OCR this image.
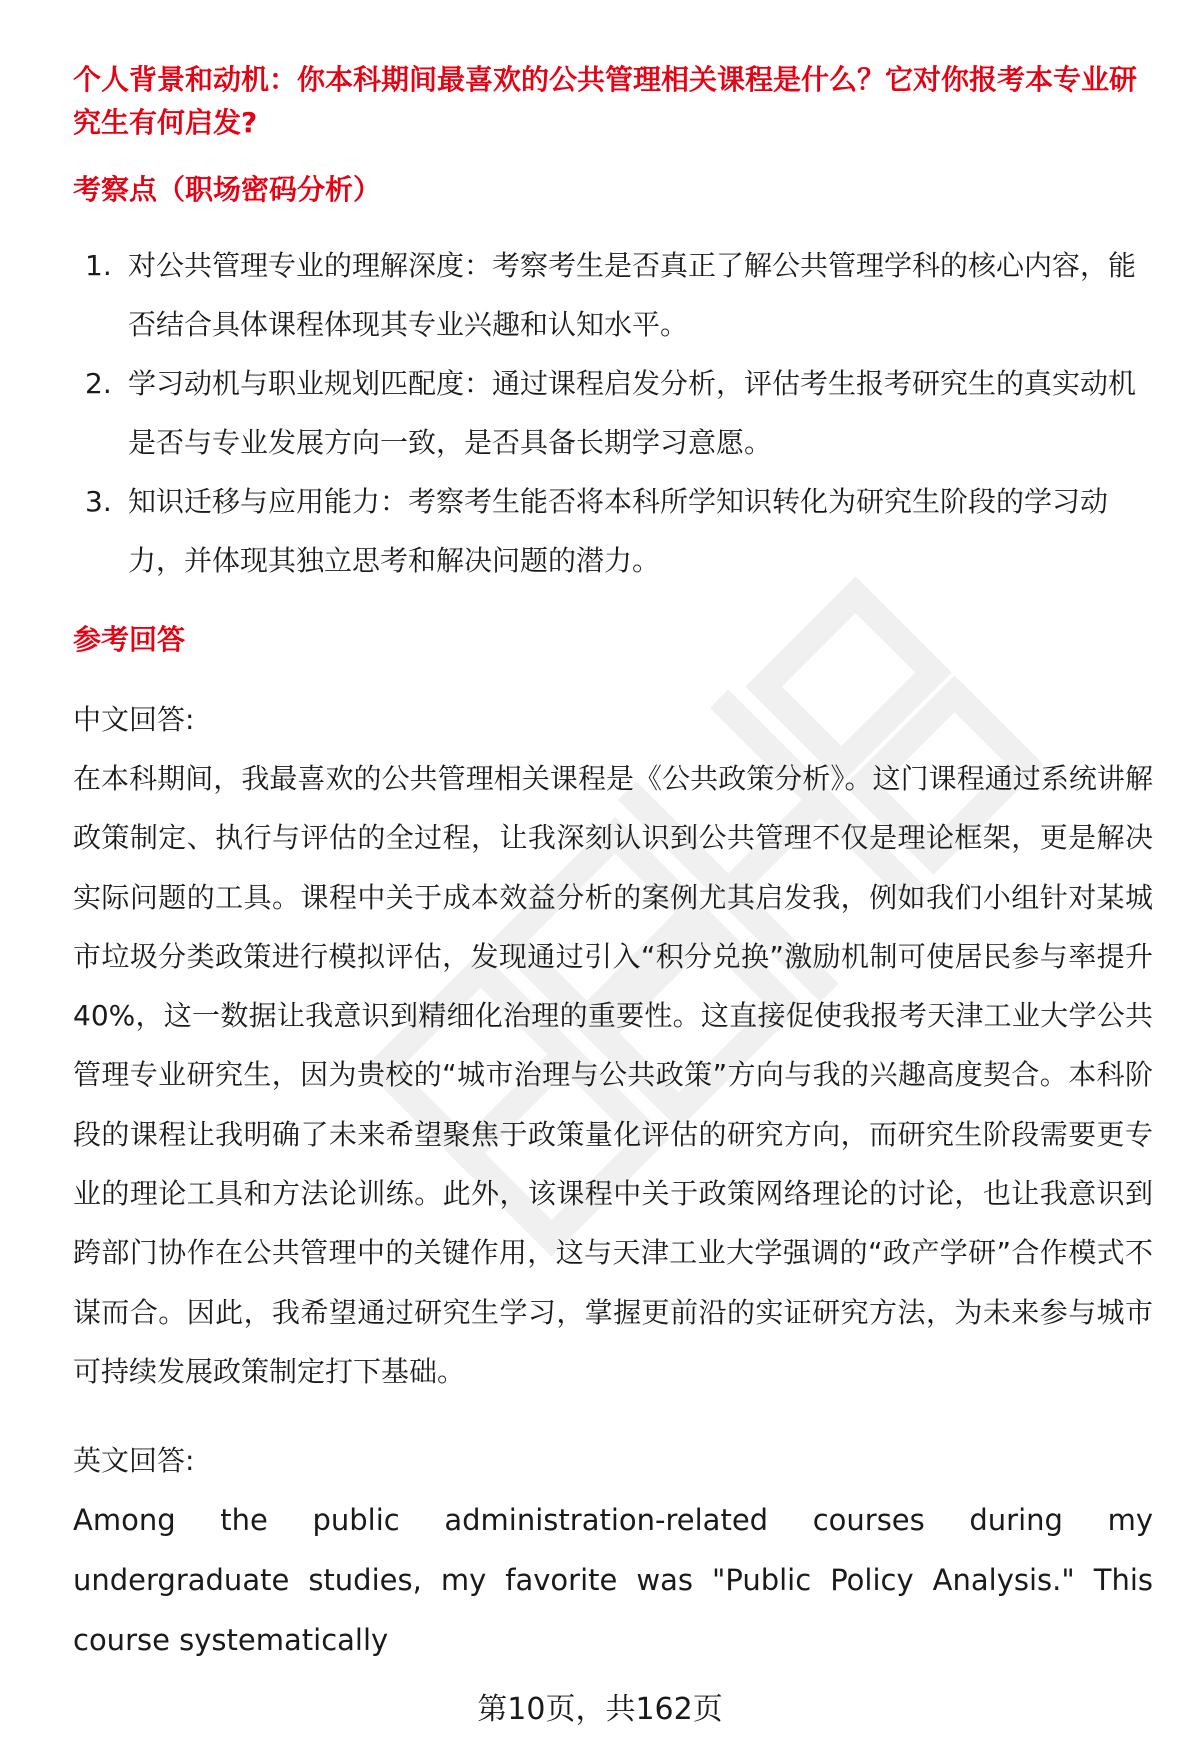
个人背景和动机：你本科期间最喜欢的公共管理相关课程是什么？它对你报考本专业研究生有何启发?

考察点（职场密码分析）

1. 对公共管理专业的理解深度：考察考生是否真正了解公共管理学科的核心内容，能否结合具体课程体现其专业兴趣和认知水平。
2. 学习动机与职业规划匹配度：通过课程启发分析，评估考生报考研究生的真实动机是否与专业发展方向一致，是否具备长期学习意愿。
3. 知识迁移与应用能力：考察考生能否将本科所学知识转化为研究生阶段的学习动力，并体现其独立思考和解决问题的潜力。

参考回答

中文回答:

在本科期间，我最喜欢的公共管理相关课程是《公共政策分析》。这门课程通过系统讲解政策制定、执行与评估的全过程，让我深刻认识到公共管理不仅是理论框架，更是解决实际问题的工具。课程中关于成本效益分析的案例尤其启发我，例如我们小组针对某城市垃圾分类政策进行模拟评估，发现通过引入“积分兑换”激励机制可使居民参与率提升40%，这一数据让我意识到精细化治理的重要性。这直接促使我报考天津工业大学公共管理专业研究生，因为贵校的“城市治理与公共政策”方向与我的兴趣高度契合。本科阶段的课程让我明确了未来希望聚焦于政策量化评估的研究方向，而研究生阶段需要更专业的理论工具和方法论训练。此外，该课程中关于政策网络理论的讨论，也让我意识到跨部门协作在公共管理中的关键作用，这与天津工业大学强调的“政产学研”合作模式不谋而合。因此，我希望通过研究生学习，掌握更前沿的实证研究方法，为未来参与城市可持续发展政策制定打下基础。

英文回答:

Among the public administration-related courses during my undergraduate studies, my favorite was "Public Policy Analysis." This course systematically

第10页，共162页
